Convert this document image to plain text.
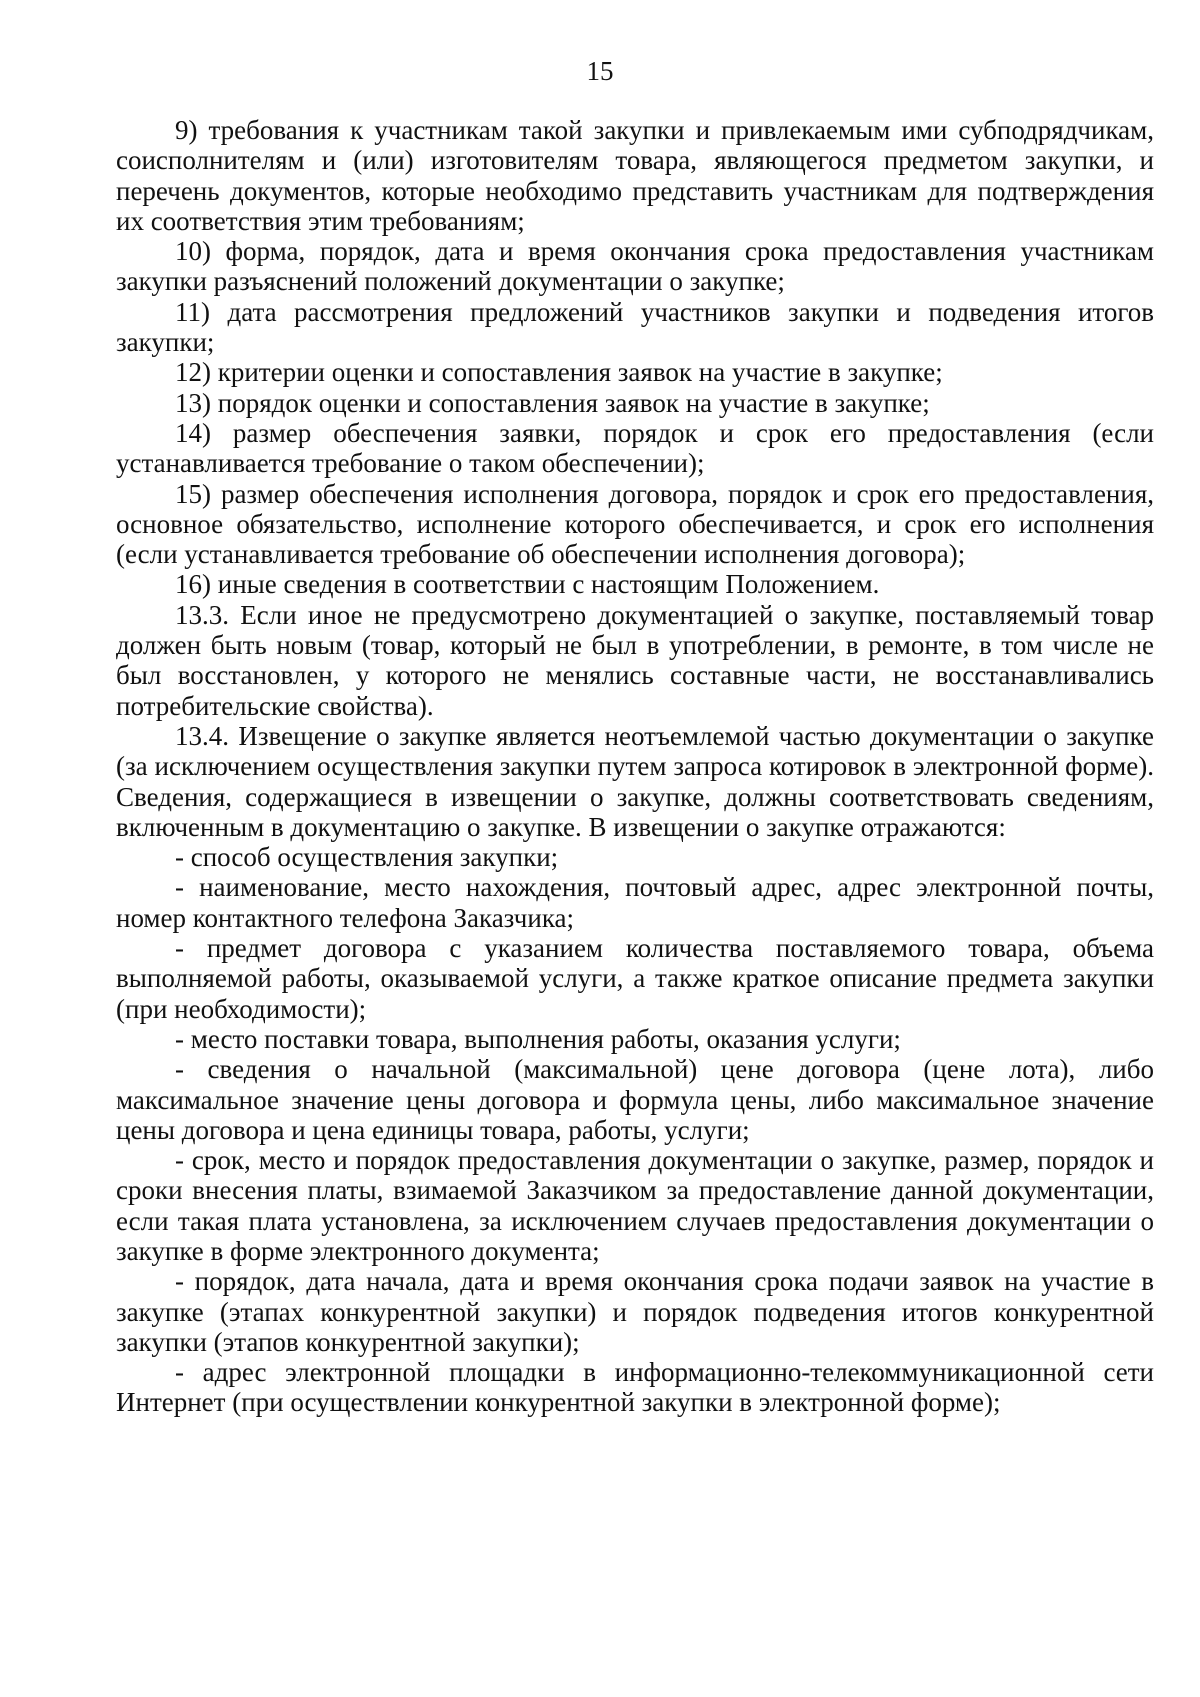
15

9) требования к участникам такой закупки и привлекаемым ими субподрядчикам, соисполнителям и (или) изготовителям товара, являющегося предметом закупки, и перечень документов, которые необходимо представить участникам для подтверждения их соответствия этим требованиям;

10) форма, порядок, дата и время окончания срока предоставления участникам закупки разъяснений положений документации о закупке;

11) дата рассмотрения предложений участников закупки и подведения итогов закупки;

12) критерии оценки и сопоставления заявок на участие в закупке;

13) порядок оценки и сопоставления заявок на участие в закупке;

14) размер обеспечения заявки, порядок и срок его предоставления (если устанавливается требование о таком обеспечении);

15) размер обеспечения исполнения договора, порядок и срок его предоставления, основное обязательство, исполнение которого обеспечивается, и срок его исполнения (если устанавливается требование об обеспечении исполнения договора);

16) иные сведения в соответствии с настоящим Положением.

13.3. Если иное не предусмотрено документацией о закупке, поставляемый товар должен быть новым (товар, который не был в употреблении, в ремонте, в том числе не был восстановлен, у которого не менялись составные части, не восстанавливались потребительские свойства).

13.4. Извещение о закупке является неотъемлемой частью документации о закупке (за исключением осуществления закупки путем запроса котировок в электронной форме). Сведения, содержащиеся в извещении о закупке, должны соответствовать сведениям, включенным в документацию о закупке. В извещении о закупке отражаются:

- способ осуществления закупки;

- наименование, место нахождения, почтовый адрес, адрес электронной почты, номер контактного телефона Заказчика;

- предмет договора с указанием количества поставляемого товара, объема выполняемой работы, оказываемой услуги, а также краткое описание предмета закупки (при необходимости);

- место поставки товара, выполнения работы, оказания услуги;

- сведения о начальной (максимальной) цене договора (цене лота), либо максимальное значение цены договора и формула цены, либо максимальное значение цены договора и цена единицы товара, работы, услуги;

- срок, место и порядок предоставления документации о закупке, размер, порядок и сроки внесения платы, взимаемой Заказчиком за предоставление данной документации, если такая плата установлена, за исключением случаев предоставления документации о закупке в форме электронного документа;

- порядок, дата начала, дата и время окончания срока подачи заявок на участие в закупке (этапах конкурентной закупки) и порядок подведения итогов конкурентной закупки (этапов конкурентной закупки);

- адрес электронной площадки в информационно-телекоммуникационной сети Интернет (при осуществлении конкурентной закупки в электронной форме);
